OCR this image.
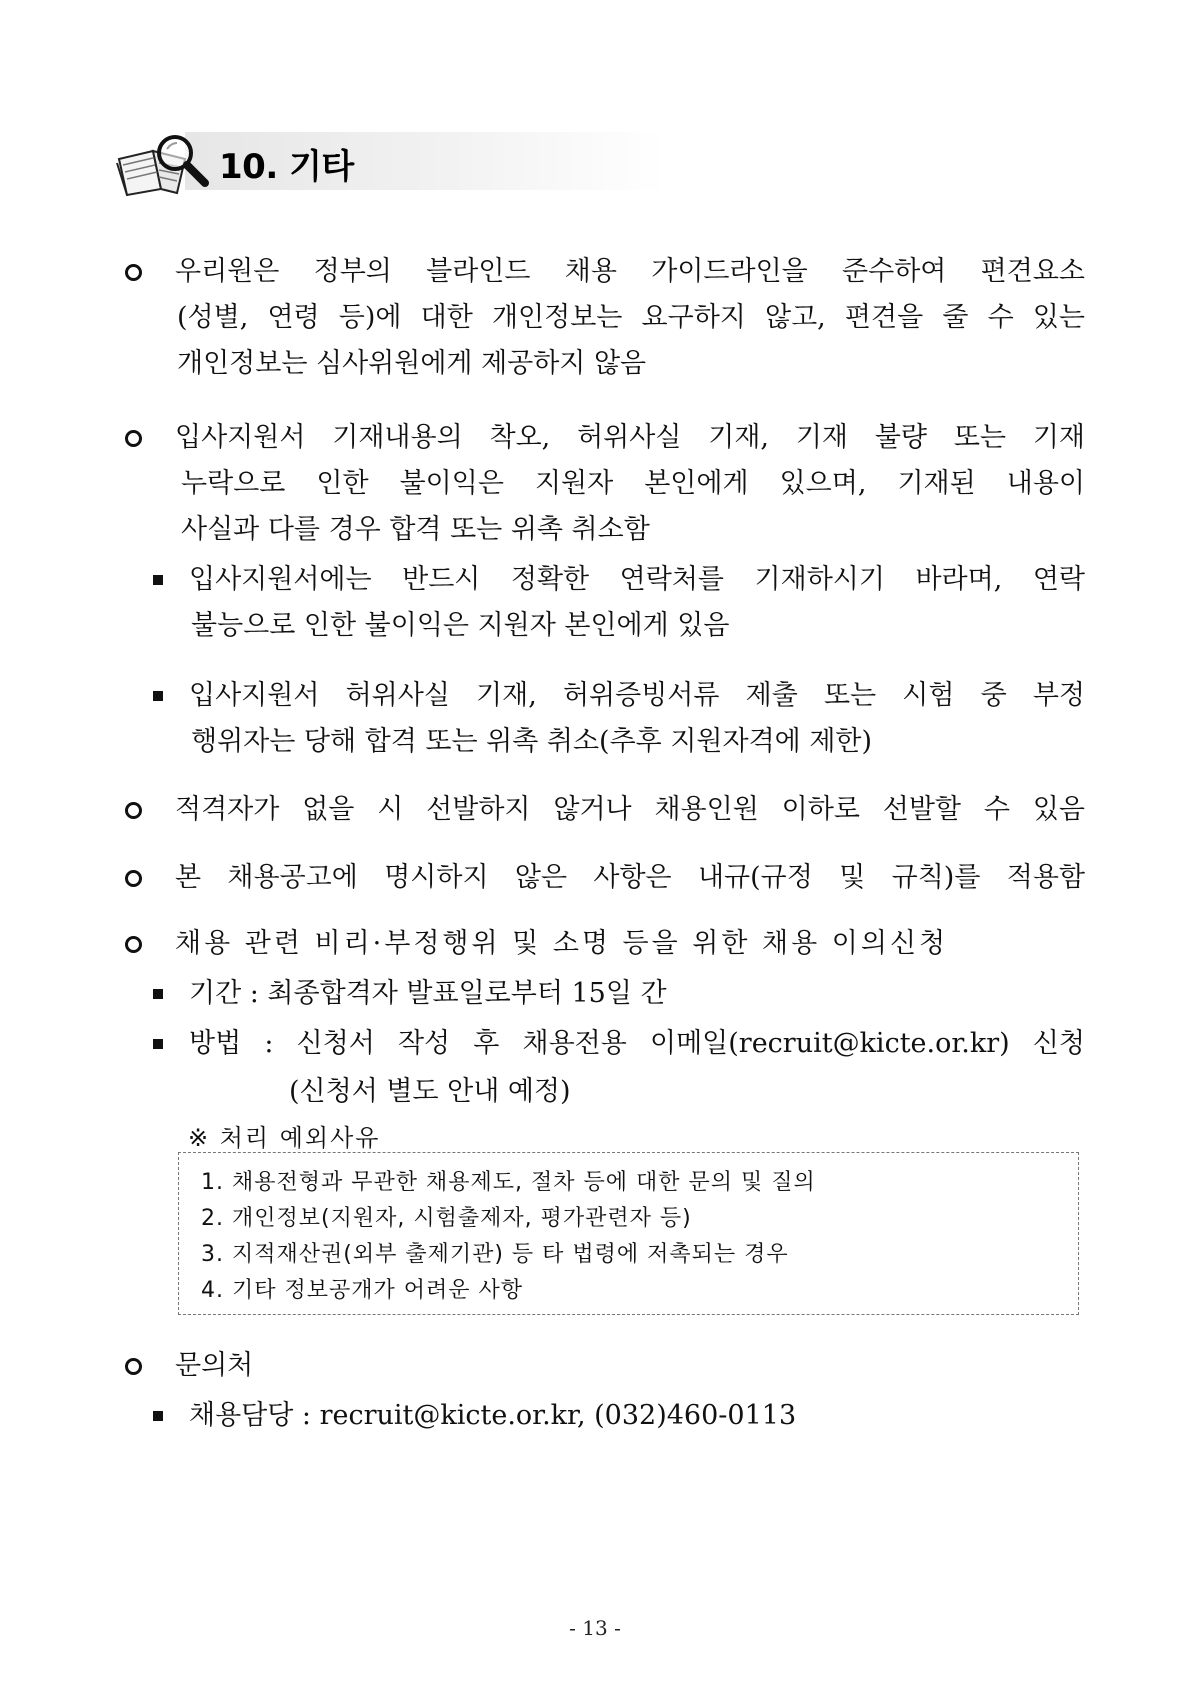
10. 기타
우리원은 정부의 블라인드 채용 가이드라인을 준수하여 편견요소
(성별, 연령 등)에 대한 개인정보는 요구하지 않고, 편견을 줄 수 있는
개인정보는 심사위원에게 제공하지 않음
입사지원서 기재내용의 착오, 허위사실 기재, 기재 불량 또는 기재
누락으로 인한 불이익은 지원자 본인에게 있으며, 기재된 내용이
사실과 다를 경우 합격 또는 위촉 취소함
입사지원서에는 반드시 정확한 연락처를 기재하시기 바라며, 연락
불능으로 인한 불이익은 지원자 본인에게 있음
입사지원서 허위사실 기재, 허위증빙서류 제출 또는 시험 중 부정
행위자는 당해 합격 또는 위촉 취소(추후 지원자격에 제한)
적격자가 없을 시 선발하지 않거나 채용인원 이하로 선발할 수 있음
본 채용공고에 명시하지 않은 사항은 내규(규정 및 규칙)를 적용함
채용 관련 비리·부정행위 및 소명 등을 위한 채용 이의신청
기간 : 최종합격자 발표일로부터 15일 간
방법 : 신청서 작성 후 채용전용 이메일(recruit@kicte.or.kr) 신청
(신청서 별도 안내 예정)
※ 처리 예외사유
1. 채용전형과 무관한 채용제도, 절차 등에 대한 문의 및 질의
2. 개인정보(지원자, 시험출제자, 평가관련자 등)
3. 지적재산권(외부 출제기관) 등 타 법령에 저촉되는 경우
4. 기타 정보공개가 어려운 사항
문의처
채용담당 : recruit@kicte.or.kr, (032)460-0113
- 13 -
